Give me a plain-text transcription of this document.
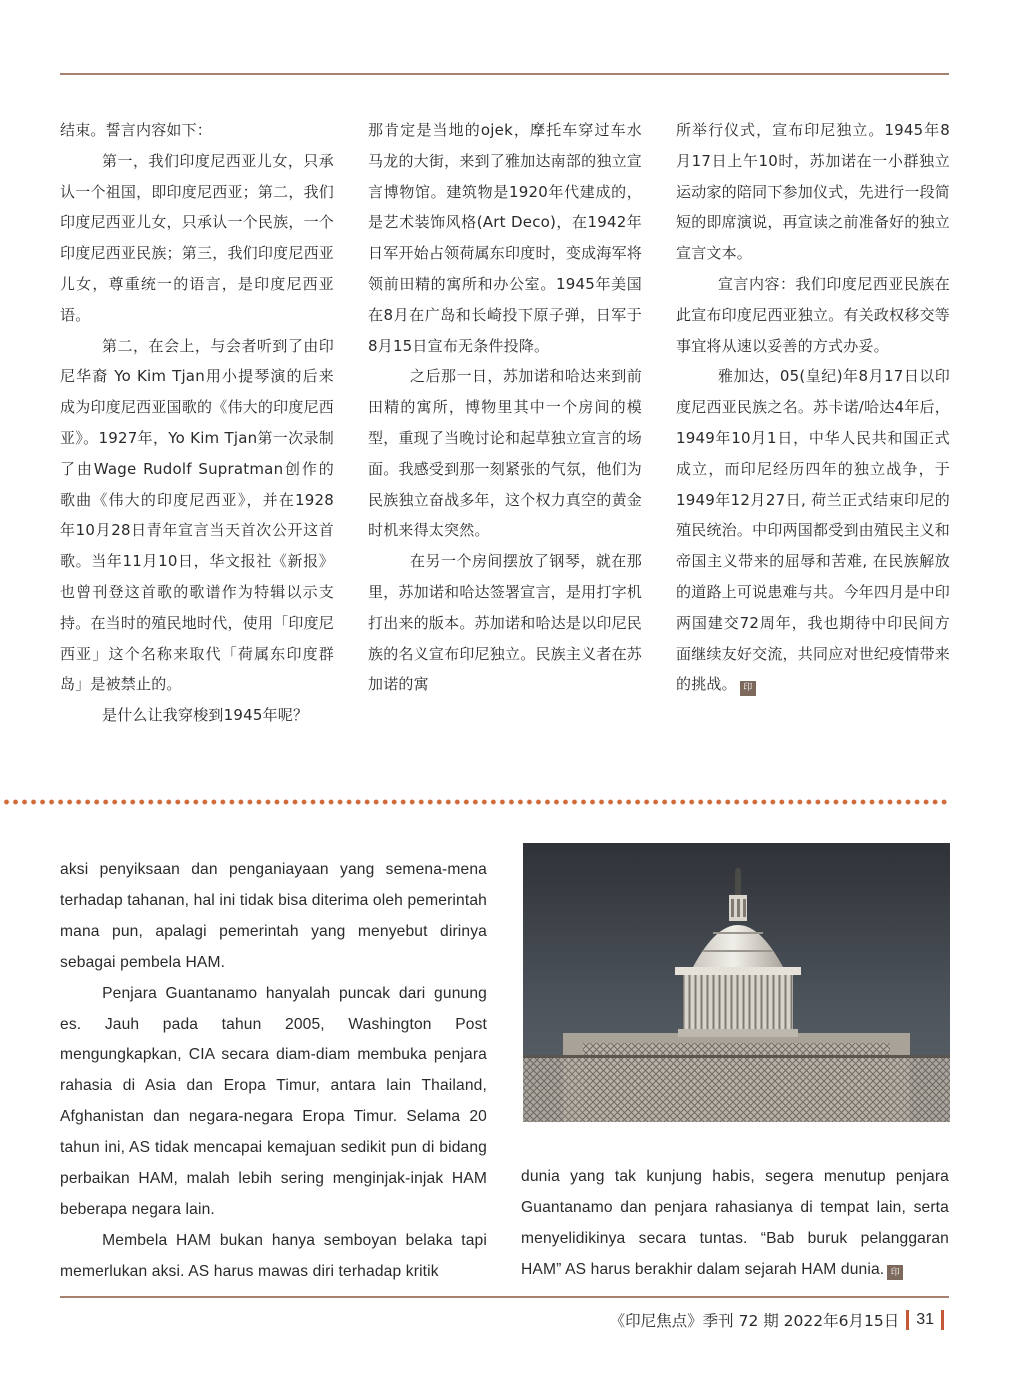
结束。誓言内容如下：

第一，我们印度尼西亚儿女，只承认一个祖国，即印度尼西亚；第二，我们印度尼西亚儿女，只承认一个民族，一个印度尼西亚民族；第三，我们印度尼西亚儿女，尊重统一的语言，是印度尼西亚语。

第二，在会上，与会者听到了由印尼华裔 Yo Kim Tjan用小提琴演的后来成为印度尼西亚国歌的《伟大的印度尼西亚》。1927年，Yo Kim Tjan第一次录制了由Wage Rudolf Supratman创作的歌曲《伟大的印度尼西亚》，并在1928年10月28日青年宣言当天首次公开这首歌。当年11月10日，华文报社《新报》也曾刊登这首歌的歌谱作为特辑以示支持。在当时的殖民地时代，使用「印度尼西亚」这个名称来取代「荷属东印度群岛」是被禁止的。

是什么让我穿梭到1945年呢？

那肯定是当地的ojek，摩托车穿过车水马龙的大街，来到了雅加达南部的独立宣言博物馆。建筑物是1920年代建成的，是艺术装饰风格(Art Deco)，在1942年日军开始占领荷属东印度时，变成海军将领前田精的寓所和办公室。1945年美国在8月在广岛和长崎投下原子弹，日军于8月15日宣布无条件投降。

之后那一日，苏加诺和哈达来到前田精的寓所，博物里其中一个房间的模型，重现了当晚讨论和起草独立宣言的场面。我感受到那一刻紧张的气氛，他们为民族独立奋战多年，这个权力真空的黄金时机来得太突然。

在另一个房间摆放了钢琴，就在那里，苏加诺和哈达签署宣言，是用打字机打出来的版本。苏加诺和哈达是以印尼民族的名义宣布印尼独立。民族主义者在苏加诺的寓

所举行仪式，宣布印尼独立。1945年8月17日上午10时，苏加诺在一小群独立运动家的陪同下参加仪式，先进行一段简短的即席演说，再宣读之前准备好的独立宣言文本。

宣言内容：我们印度尼西亚民族在此宣布印度尼西亚独立。有关政权移交等事宜将从速以妥善的方式办妥。

雅加达，05(皇纪)年8月17日以印度尼西亚民族之名。苏卡诺/哈达4年后，1949年10月1日，中华人民共和国正式成立，而印尼经历四年的独立战争，于1949年12月27日, 荷兰正式结束印尼的殖民统治。中印两国都受到由殖民主义和帝国主义带来的屈辱和苦难, 在民族解放的道路上可说患难与共。今年四月是中印两国建交72周年，我也期待中印民间方面继续友好交流，共同应对世纪疫情带来的挑战。 印

aksi penyiksaan dan penganiayaan yang semena-mena terhadap tahanan, hal ini tidak bisa diterima oleh pemerintah mana pun, apalagi pemerintah yang menyebut dirinya sebagai pembela HAM.

Penjara Guantanamo hanyalah puncak dari gunung es. Jauh pada tahun 2005, Washington Post mengungkapkan, CIA secara diam-diam membuka penjara rahasia di Asia dan Eropa Timur, antara lain Thailand, Afghanistan dan negara-negara Eropa Timur. Selama 20 tahun ini, AS tidak mencapai kemajuan sedikit pun di bidang perbaikan HAM, malah lebih sering menginjak-injak HAM beberapa negara lain.

Membela HAM bukan hanya semboyan belaka tapi memerlukan aksi. AS harus mawas diri terhadap kritik

dunia yang tak kunjung habis, segera menutup penjara Guantanamo dan penjara rahasianya di tempat lain, serta menyelidikinya secara tuntas. “Bab buruk pelanggaran HAM” AS harus berakhir dalam sejarah HAM dunia. 印

《印尼焦点》季刊 72 期 2022年6月15日 31
